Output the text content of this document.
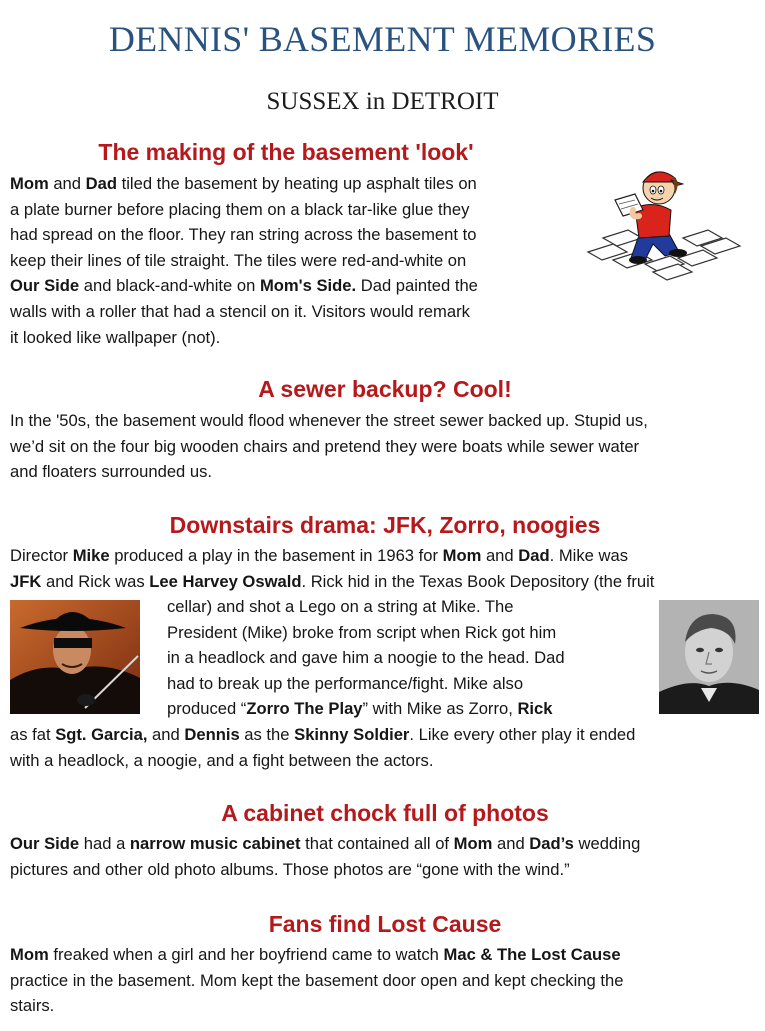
DENNIS' BASEMENT MEMORIES
SUSSEX in DETROIT
The making of the basement 'look'

Mom and Dad tiled the basement by heating up asphalt tiles on
a plate burner before placing them on a black tar-like glue they
had spread on the floor. They ran string across the basement to
keep their lines of tile straight. The tiles were red-and-white on
Our Side and black-and-white on Mom's Side. Dad painted the
walls with a roller that had a stencil on it. Visitors would remark
it looked like wallpaper (not).

A sewer backup? Cool!

In the '50s, the basement would flood whenever the street sewer backed up. Stupid us,
we’d sit on the four big wooden chairs and pretend they were boats while sewer water
and floaters surrounded us.

Downstairs drama: JFK, Zorro, noogies

Director Mike produced a play in the basement in 1963 for Mom and Dad. Mike was
JFK and Rick was Lee Harvey Oswald. Rick hid in the Texas Book Depository (the fruit

cellar) and shot a Lego on a string at Mike. The
President (Mike) broke from script when Rick got him
in a headlock and gave him a noogie to the head. Dad
had to break up the performance/fight. Mike also
produced “Zorro The Play” with Mike as Zorro, Rick

as fat Sgt. Garcia, and Dennis as the Skinny Soldier. Like every other play it ended
with a headlock, a noogie, and a fight between the actors.

A cabinet chock full of photos

Our Side had a narrow music cabinet that contained all of Mom and Dad’s wedding
pictures and other old photo albums. Those photos are “gone with the wind.”

Fans find Lost Cause

Mom freaked when a girl and her boyfriend came to watch Mac & The Lost Cause
practice in the basement. Mom kept the basement door open and kept checking the
stairs.
